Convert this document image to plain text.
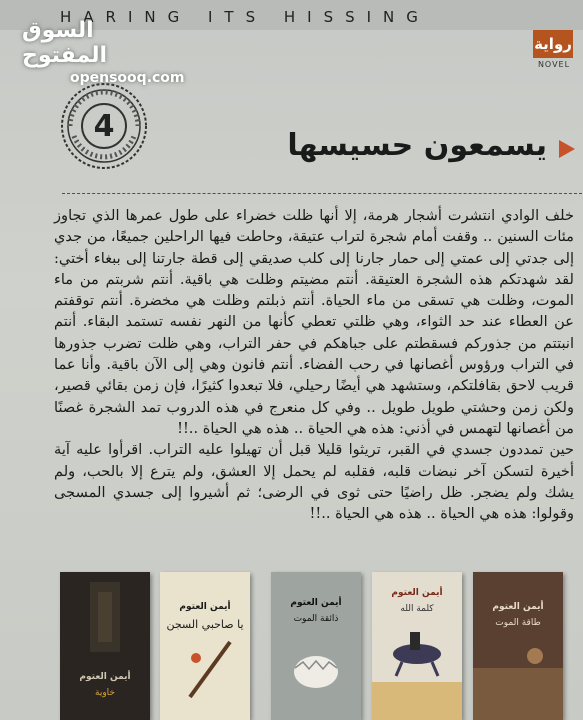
HARING ITS HISSING
السوق المفتوح
opensooq.com
رواية
NOVEL
4
يسمعون حسيسها

خلف الوادي انتشرت أشجار هرمة، إلا أنها ظلت خضراء على طول عمرها الذي تجاوز مئات السنين .. وقفت أمام شجرة لتراب عتيقة، وحاطت فيها الراحلين جميعًا، من جدي إلى جدتي إلى عمتي إلى حمار جارنا إلى كلب صديقي إلى قطة جارتنا إلى ببغاء أختي: لقد شهدتكم هذه الشجرة العتيقة. أنتم مضيتم وظلت هي باقية. أنتم شربتم من ماء الموت، وظلت هي تسقى من ماء الحياة. أنتم ذبلتم وظلت هي مخضرة. أنتم توقفتم عن العطاء عند حد الثواء، وهي ظلتي تعطي كأنها من النهر نفسه تستمد البقاء. أنتم انبتتم من جذوركم فسقطتم على جباهكم في حفر التراب، وهي ظلت تضرب جذورها في التراب ورؤوس أغصانها في رحب الفضاء. أنتم فانون وهي إلى الآن باقية. وأنا عما قريب لاحق بقافلتكم، وستشهد هي أيضًا رحيلي، فلا تبعدوا كثيرًا، فإن زمن بقائي قصير، ولكن زمن وحشتي طويل طويل .. وفي كل منعرج في هذه الدروب تمد الشجرة غصنًا من أغصانها لتهمس في أذني: هذه هي الحياة .. هذه هي الحياة ..!!

حين تمددون جسدي في القبر، تريثوا قليلا قبل أن تهيلوا عليه التراب. اقرأوا عليه آية أخيرة لتسكن آخر نبضات قلبه، فقلبه لم يحمل إلا العشق، ولم يترع إلا بالحب، ولم يشك ولم يضجر. ظل راضيًا حتى ثوى في الرضى؛ ثم أشيروا إلى جسدي المسجى وقولوا: هذه هي الحياة .. هذه هي الحياة ..!!

أيمن العتوم
خاوية
أيمن العتوم
يا صاحبي السجن
أيمن العتوم
ذائقة الموت
أيمن العتوم
كلمة الله	أيمن العتوم
طاقة الموت
